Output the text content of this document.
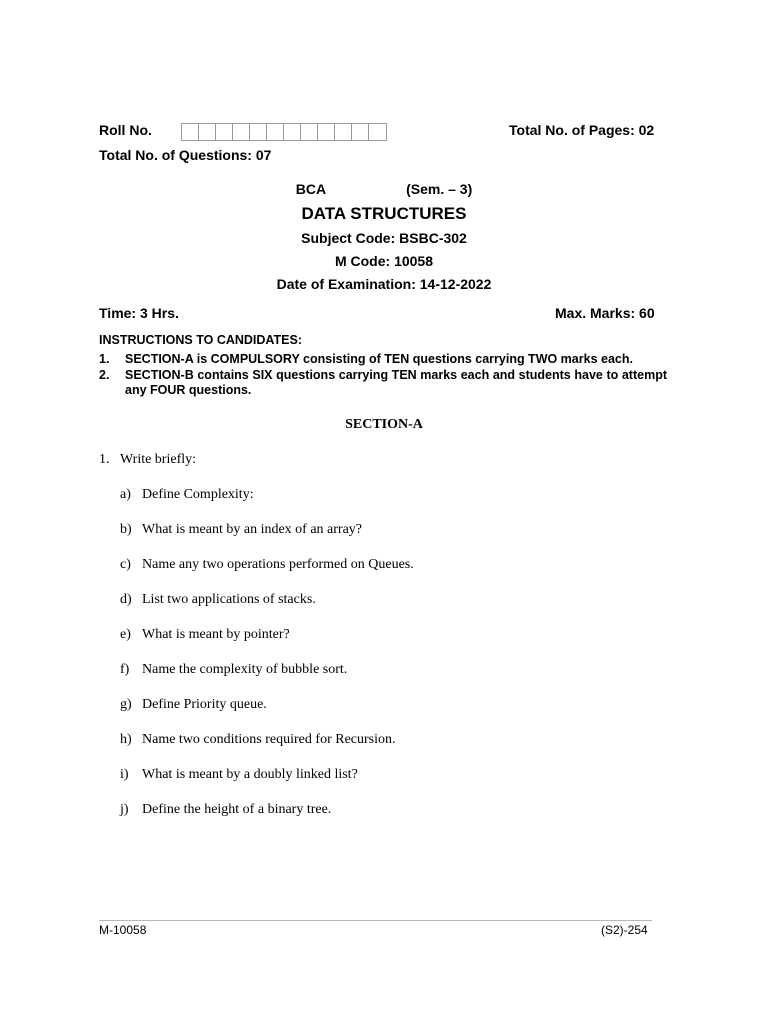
Roll No.	Total No. of Pages: 02
Total No. of Questions: 07
BCA	(Sem. – 3)
DATA STRUCTURES
Subject Code: BSBC-302
M Code: 10058
Date of Examination: 14-12-2022
Time: 3 Hrs.	Max. Marks: 60
INSTRUCTIONS TO CANDIDATES:
1. SECTION-A is COMPULSORY consisting of TEN questions carrying TWO marks each.
2. SECTION-B contains SIX questions carrying TEN marks each and students have to attempt any FOUR questions.
SECTION-A
1. Write briefly:
a) Define Complexity:
b) What is meant by an index of an array?
c) Name any two operations performed on Queues.
d) List two applications of stacks.
e) What is meant by pointer?
f) Name the complexity of bubble sort.
g) Define Priority queue.
h) Name two conditions required for Recursion.
i) What is meant by a doubly linked list?
j) Define the height of a binary tree.
M-10058	(S2)-254
